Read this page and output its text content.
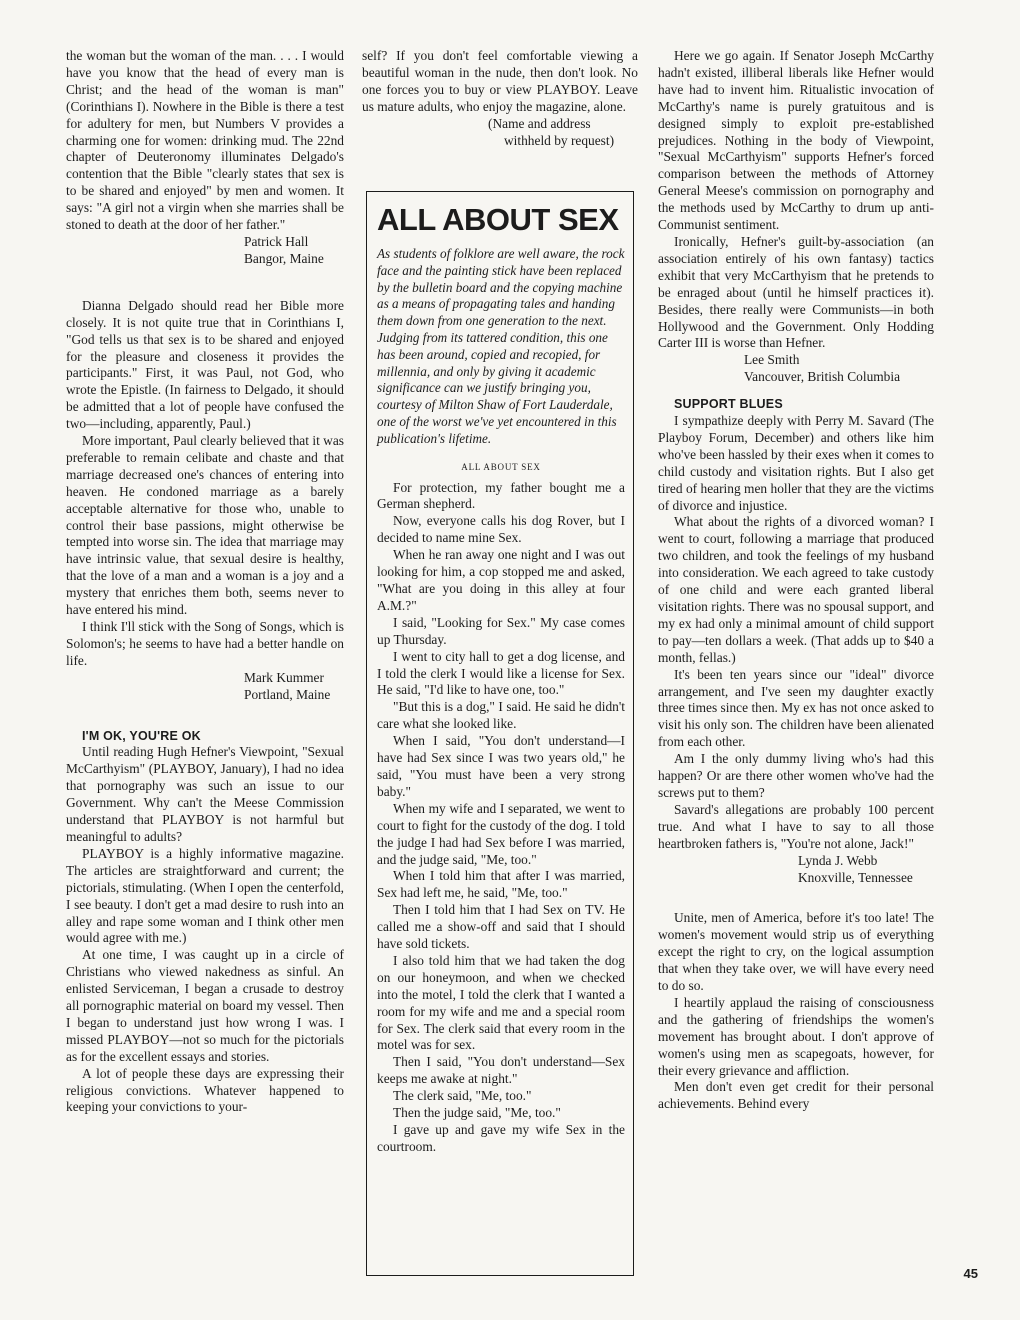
the woman but the woman of the man. . . . I would have you know that the head of every man is Christ; and the head of the woman is man" (Corinthians I). Nowhere in the Bible is there a test for adultery for men, but Numbers V provides a charming one for women: drinking mud. The 22nd chapter of Deuteronomy illuminates Delgado's contention that the Bible "clearly states that sex is to be shared and enjoyed" by men and women. It says: "A girl not a virgin when she marries shall be stoned to death at the door of her father."

Patrick Hall
Bangor, Maine

Dianna Delgado should read her Bible more closely. It is not quite true that in Corinthians I, "God tells us that sex is to be shared and enjoyed for the pleasure and closeness it provides the participants." First, it was Paul, not God, who wrote the Epistle. (In fairness to Delgado, it should be admitted that a lot of people have confused the two—including, apparently, Paul.)

More important, Paul clearly believed that it was preferable to remain celibate and chaste and that marriage decreased one's chances of entering into heaven. He condoned marriage as a barely acceptable alternative for those who, unable to control their base passions, might otherwise be tempted into worse sin. The idea that marriage may have intrinsic value, that sexual desire is healthy, that the love of a man and a woman is a joy and a mystery that enriches them both, seems never to have entered his mind.

I think I'll stick with the Song of Songs, which is Solomon's; he seems to have had a better handle on life.

Mark Kummer
Portland, Maine

I'M OK, YOU'RE OK

Until reading Hugh Hefner's Viewpoint, "Sexual McCarthyism" (PLAYBOY, January), I had no idea that pornography was such an issue to our Government. Why can't the Meese Commission understand that PLAYBOY is not harmful but meaningful to adults?

PLAYBOY is a highly informative magazine. The articles are straightforward and current; the pictorials, stimulating. (When I open the centerfold, I see beauty. I don't get a mad desire to rush into an alley and rape some woman and I think other men would agree with me.)

At one time, I was caught up in a circle of Christians who viewed nakedness as sinful. An enlisted Serviceman, I began a crusade to destroy all pornographic material on board my vessel. Then I began to understand just how wrong I was. I missed PLAYBOY—not so much for the pictorials as for the excellent essays and stories.

A lot of people these days are expressing their religious convictions. Whatever happened to keeping your convictions to your-

self? If you don't feel comfortable viewing a beautiful woman in the nude, then don't look. No one forces you to buy or view PLAYBOY. Leave us mature adults, who enjoy the magazine, alone.

(Name and address
withheld by request)

ALL ABOUT SEX

As students of folklore are well aware, the rock face and the painting stick have been replaced by the bulletin board and the copying machine as a means of propagating tales and handing them down from one generation to the next. Judging from its tattered condition, this one has been around, copied and recopied, for millennia, and only by giving it academic significance can we justify bringing you, courtesy of Milton Shaw of Fort Lauderdale, one of the worst we've yet encountered in this publication's lifetime.

ALL ABOUT SEX

For protection, my father bought me a German shepherd.

Now, everyone calls his dog Rover, but I decided to name mine Sex.

When he ran away one night and I was out looking for him, a cop stopped me and asked, "What are you doing in this alley at four A.M.?"

I said, "Looking for Sex." My case comes up Thursday.

I went to city hall to get a dog license, and I told the clerk I would like a license for Sex. He said, "I'd like to have one, too."

"But this is a dog," I said. He said he didn't care what she looked like.

When I said, "You don't understand—I have had Sex since I was two years old," he said, "You must have been a very strong baby."

When my wife and I separated, we went to court to fight for the custody of the dog. I told the judge I had had Sex before I was married, and the judge said, "Me, too."

When I told him that after I was married, Sex had left me, he said, "Me, too."

Then I told him that I had Sex on TV. He called me a show-off and said that I should have sold tickets.

I also told him that we had taken the dog on our honeymoon, and when we checked into the motel, I told the clerk that I wanted a room for my wife and me and a special room for Sex. The clerk said that every room in the motel was for sex.

Then I said, "You don't understand—Sex keeps me awake at night."

The clerk said, "Me, too."

Then the judge said, "Me, too."

I gave up and gave my wife Sex in the courtroom.

Here we go again. If Senator Joseph McCarthy hadn't existed, illiberal liberals like Hefner would have had to invent him. Ritualistic invocation of McCarthy's name is purely gratuitous and is designed simply to exploit pre-established prejudices. Nothing in the body of Viewpoint, "Sexual McCarthyism" supports Hefner's forced comparison between the methods of Attorney General Meese's commission on pornography and the methods used by McCarthy to drum up anti-Communist sentiment.

Ironically, Hefner's guilt-by-association (an association entirely of his own fantasy) tactics exhibit that very McCarthyism that he pretends to be enraged about (until he himself practices it). Besides, there really were Communists—in both Hollywood and the Government. Only Hodding Carter III is worse than Hefner.

Lee Smith
Vancouver, British Columbia

SUPPORT BLUES

I sympathize deeply with Perry M. Savard (The Playboy Forum, December) and others like him who've been hassled by their exes when it comes to child custody and visitation rights. But I also get tired of hearing men holler that they are the victims of divorce and injustice.

What about the rights of a divorced woman? I went to court, following a marriage that produced two children, and took the feelings of my husband into consideration. We each agreed to take custody of one child and were each granted liberal visitation rights. There was no spousal support, and my ex had only a minimal amount of child support to pay—ten dollars a week. (That adds up to $40 a month, fellas.)

It's been ten years since our "ideal" divorce arrangement, and I've seen my daughter exactly three times since then. My ex has not once asked to visit his only son. The children have been alienated from each other.

Am I the only dummy living who's had this happen? Or are there other women who've had the screws put to them?

Savard's allegations are probably 100 percent true. And what I have to say to all those heartbroken fathers is, "You're not alone, Jack!"

Lynda J. Webb
Knoxville, Tennessee

Unite, men of America, before it's too late! The women's movement would strip us of everything except the right to cry, on the logical assumption that when they take over, we will have every need to do so.

I heartily applaud the raising of consciousness and the gathering of friendships the women's movement has brought about. I don't approve of women's using men as scapegoats, however, for their every grievance and affliction.

Men don't even get credit for their personal achievements. Behind every

45
